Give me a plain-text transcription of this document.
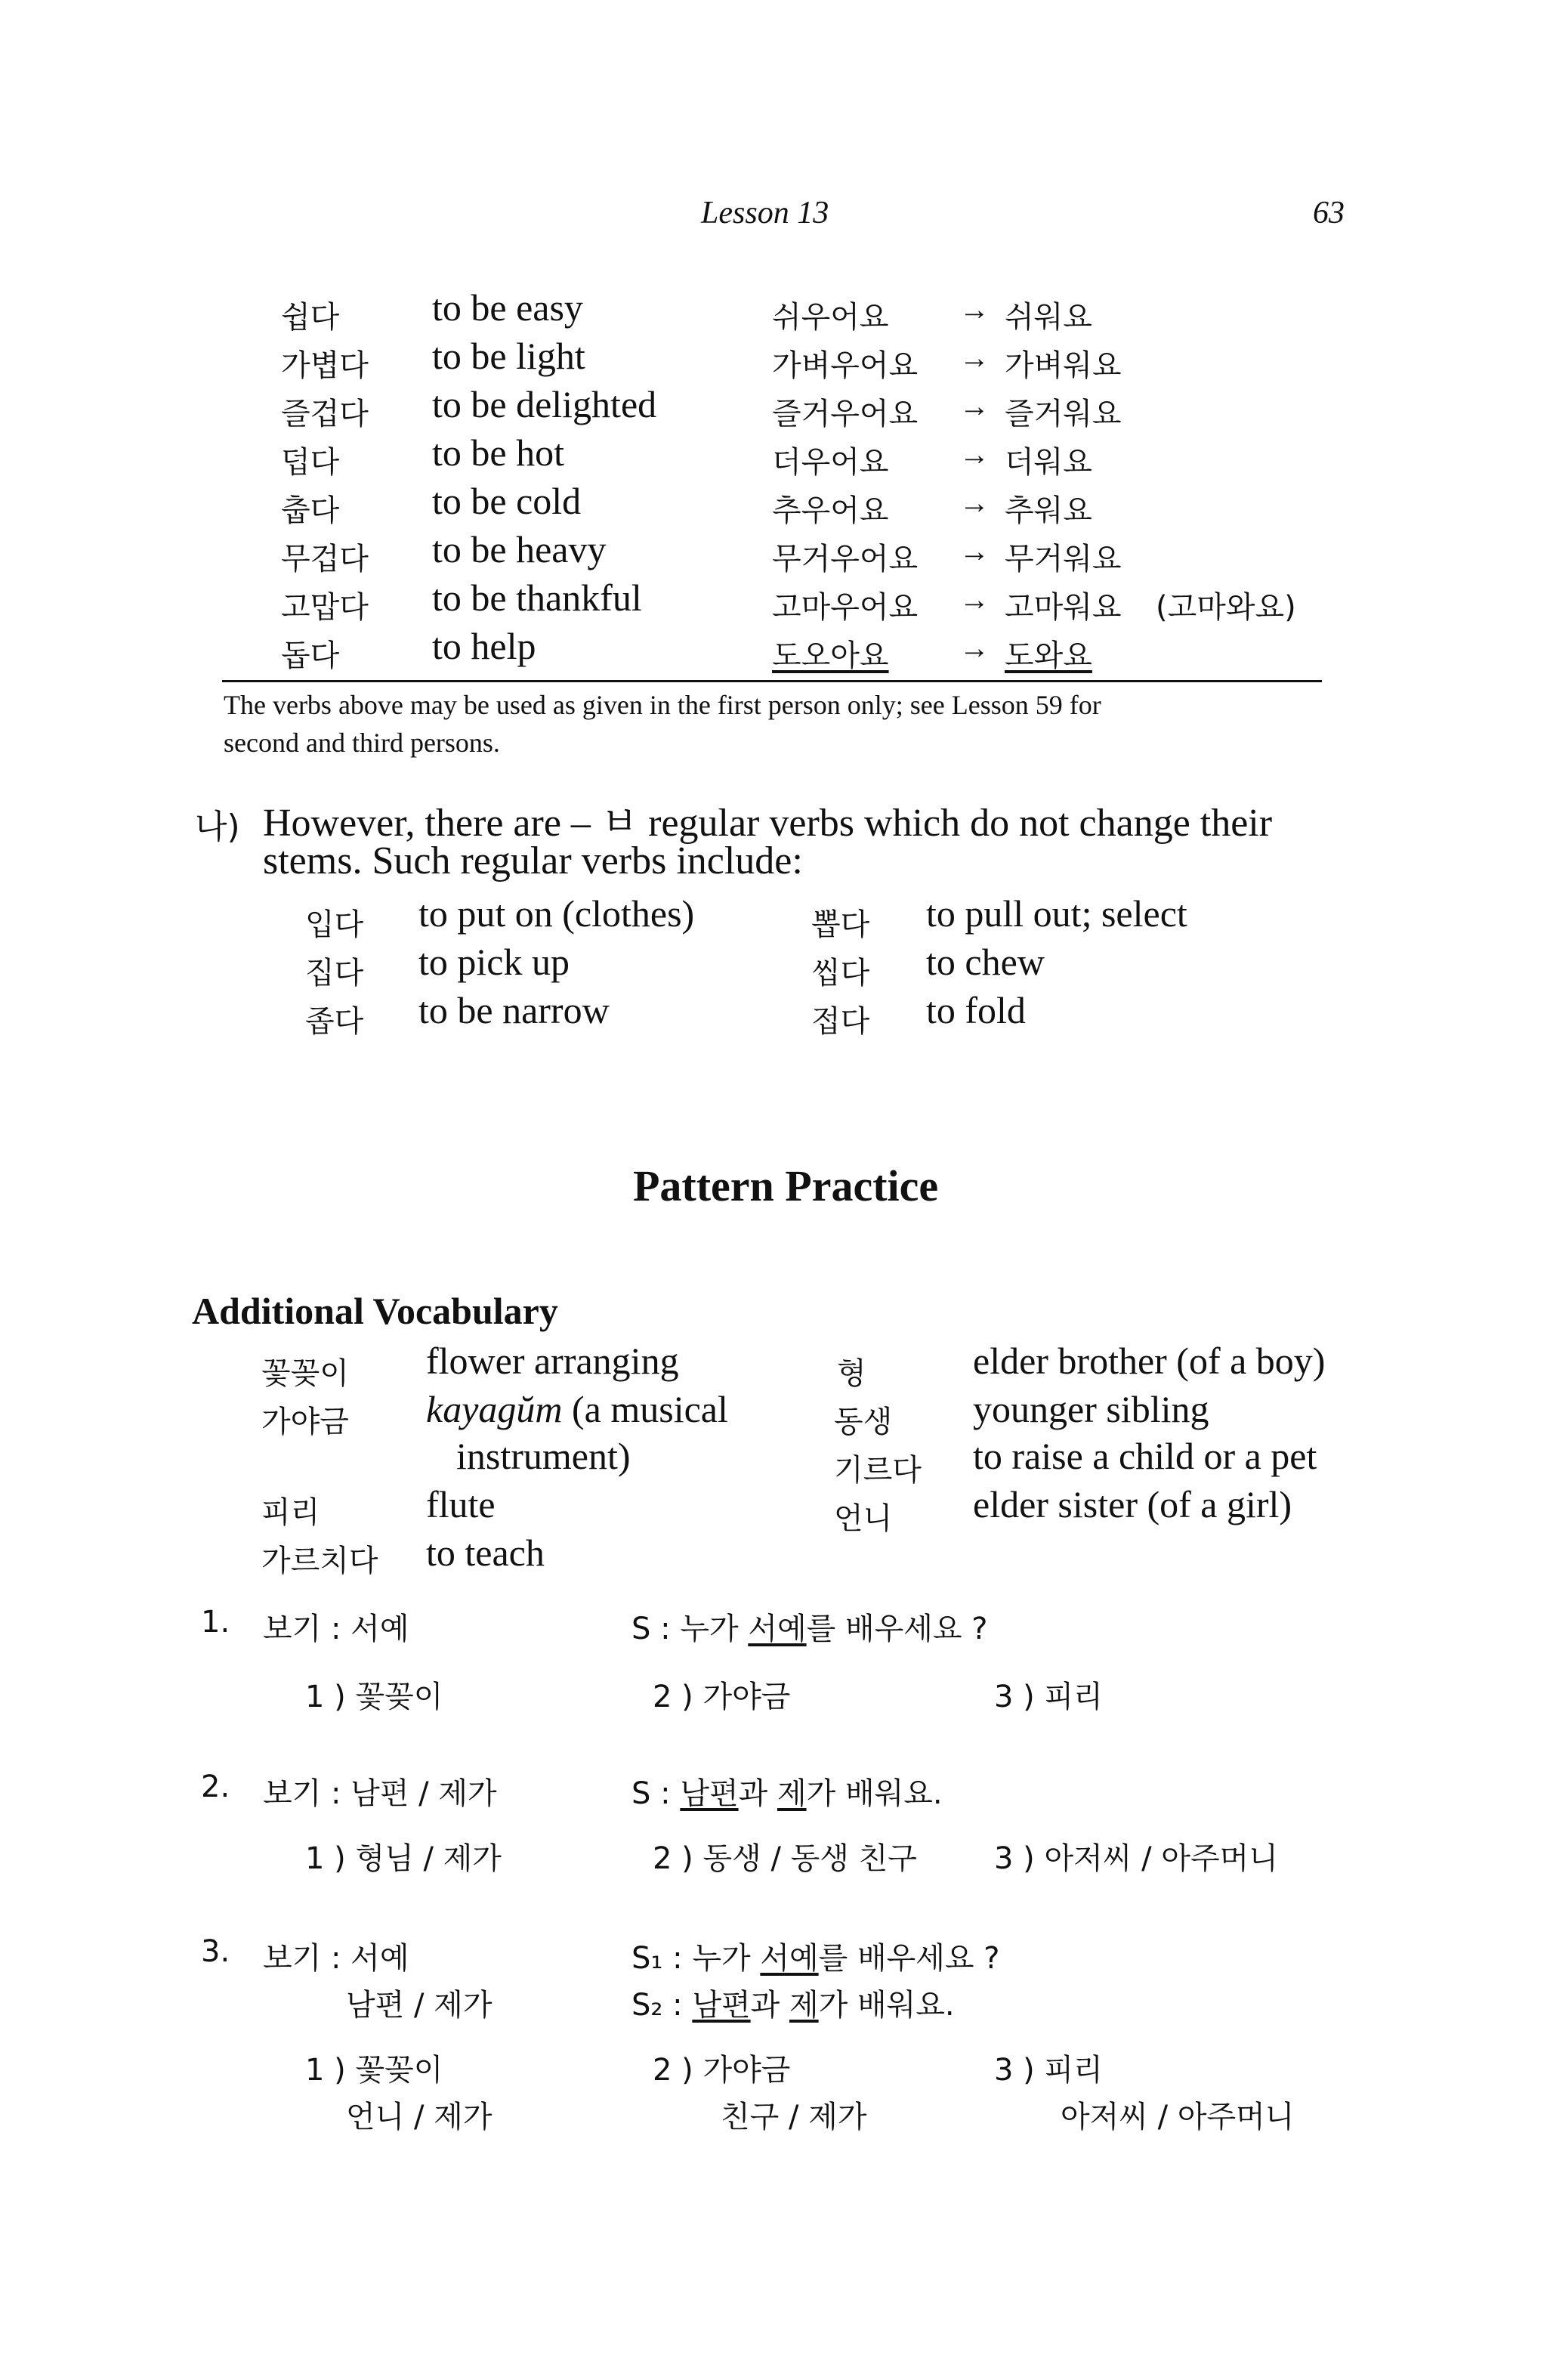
Lesson 13	63
쉽다 to be easy	쉬우어요 → 쉬워요
가볍다 to be light	가벼우어요 → 가벼워요
즐겁다 to be delighted	즐거우어요 → 즐거워요
덥다 to be hot	더우어요 → 더워요
춥다 to be cold	추우어요 → 추워요
무겁다 to be heavy	무거우어요 → 무거워요
고맙다 to be thankful	고마우어요 → 고마워요 (고마와요)
돕다 to help	도오아요 → 도와요
The verbs above may be used as given in the first person only; see Lesson 59 for
second and third persons.
나) However, there are – ㅂ regular verbs which do not change their
stems. Such regular verbs include:
입다 to put on (clothes)	뽑다 to pull out; select
집다 to pick up	씹다 to chew
좁다 to be narrow	접다 to fold
Pattern Practice
Additional Vocabulary
꽃꽂이 flower arranging
가야금 kayagŭm (a musical
instrument)
피리	flute
가르치다 to teach
형	elder brother (of a boy)
동생 younger sibling
기르다 to raise a child or a pet
언니 elder sister (of a girl)
1. 보기 : 서예	S : 누가 서예를 배우세요 ?
1 ) 꽃꽂이	2 ) 가야금	3 ) 피리
2. 보기 : 남편 / 제가	S : 남편과 제가 배워요.
1 ) 형님 / 제가	2 ) 동생 / 동생 친구	3 ) 아저씨 / 아주머니
3. 보기 : 서예
남편 / 제가
S₁ : 누가 서예를 배우세요 ?
S₂ : 남편과 제가 배워요.
1 ) 꽃꽂이	2 ) 가야금	3 ) 피리
언니 / 제가	친구 / 제가	아저씨 / 아주머니
